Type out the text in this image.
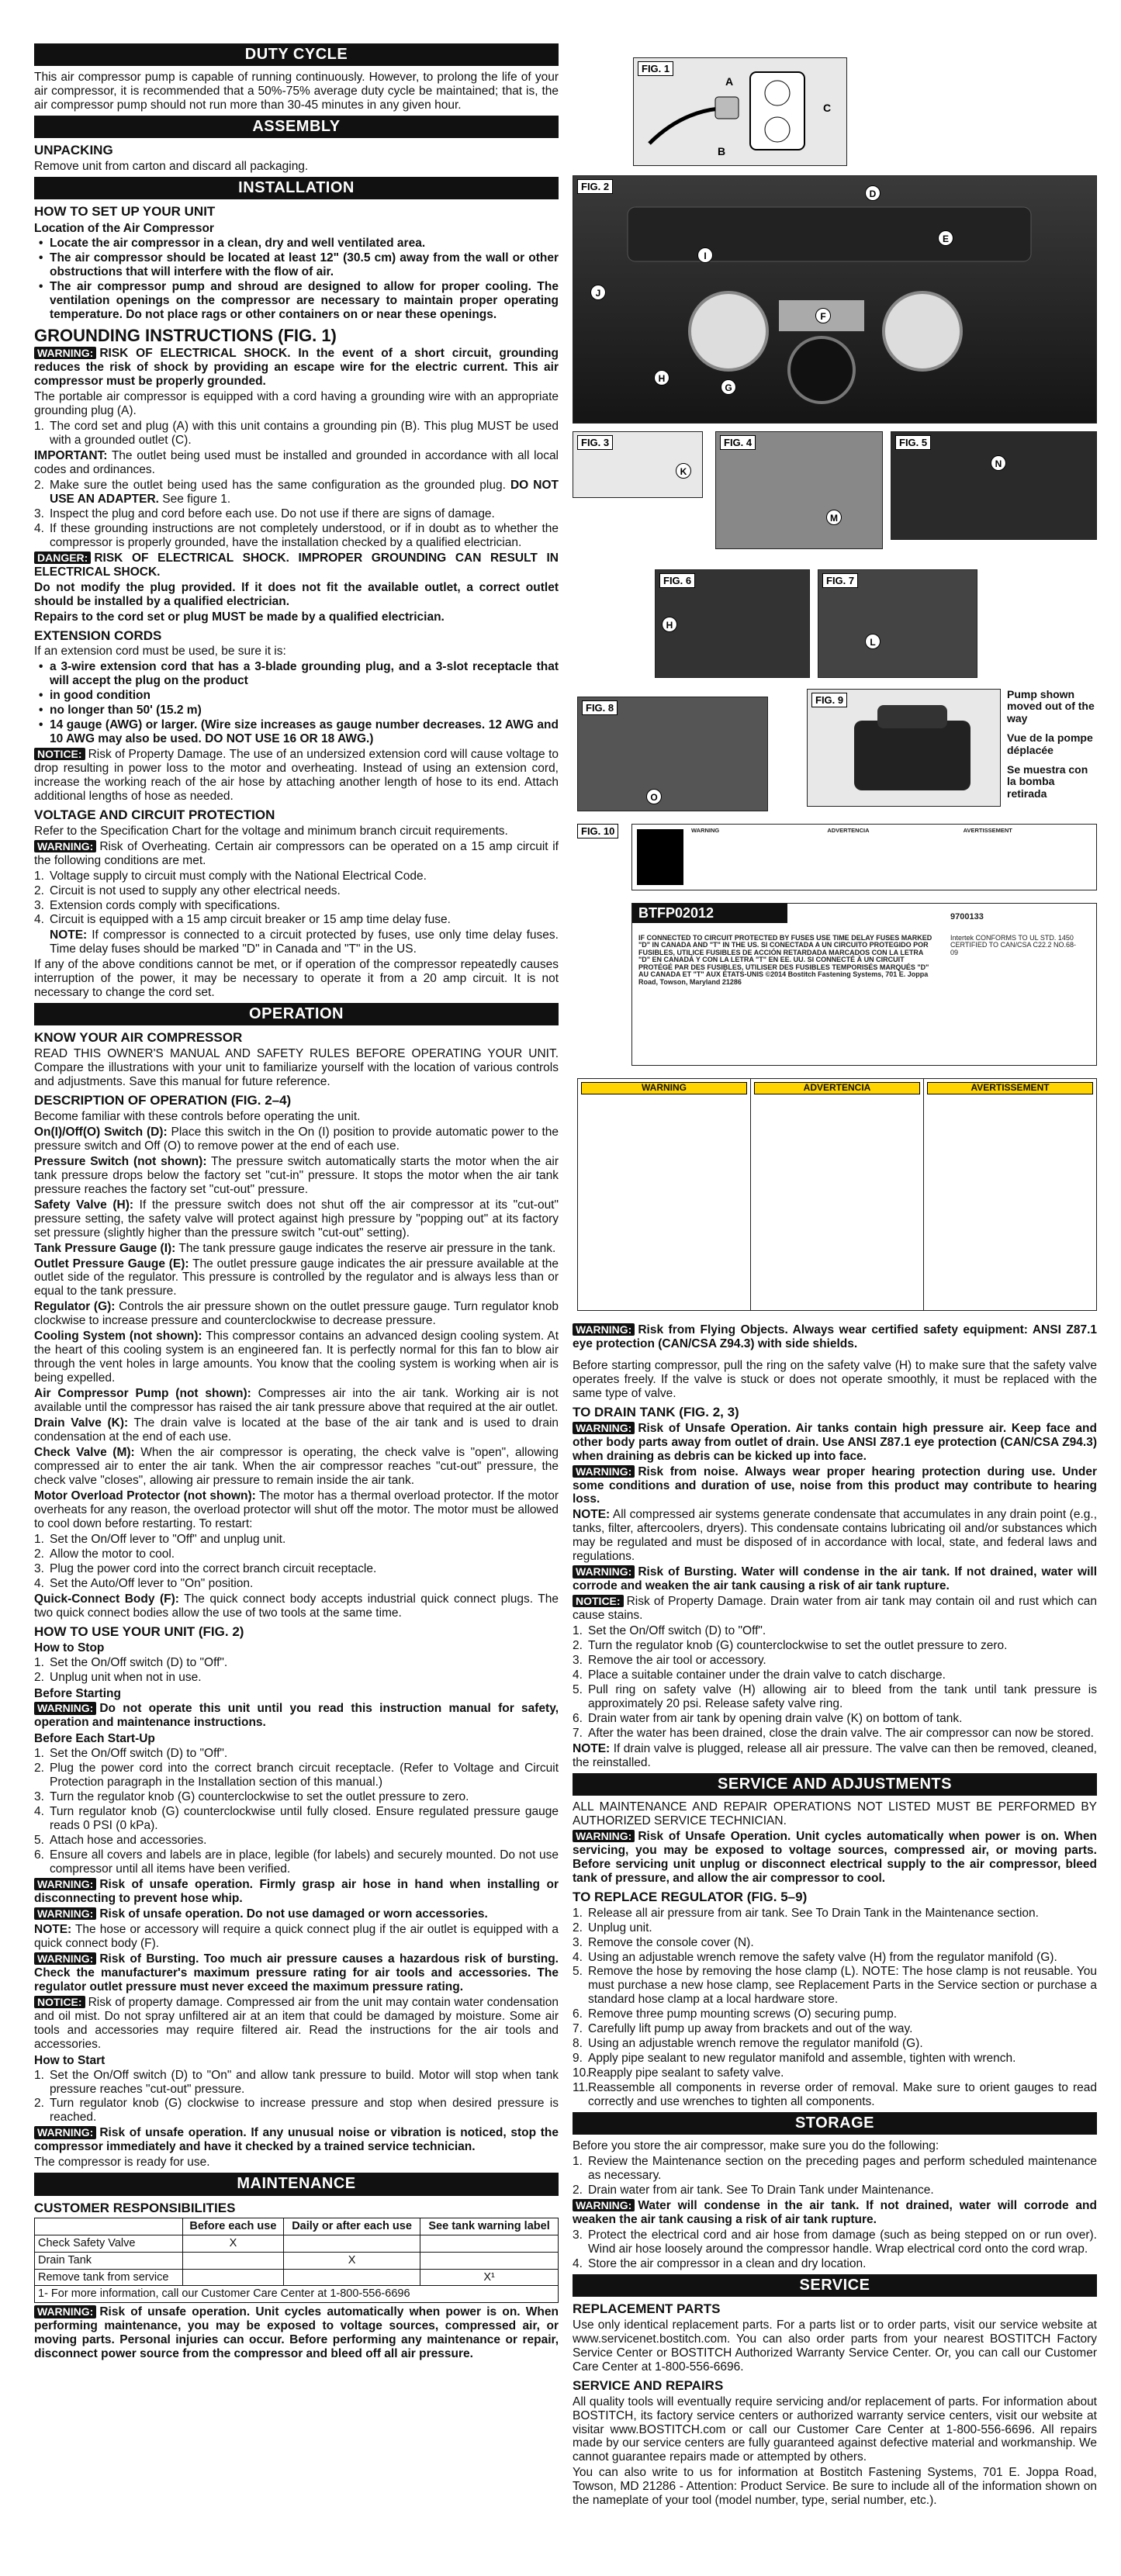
DUTY CYCLE

This air compressor pump is capable of running continuously. However, to prolong the life of your air compressor, it is recommended that a 50%-75% average duty cycle be maintained; that is, the air compressor pump should not run more than 30-45 minutes in any given hour.

ASSEMBLY
UNPACKING

Remove unit from carton and discard all packaging.

INSTALLATION
HOW TO SET UP YOUR UNIT
Location of the Air Compressor
• Locate the air compressor in a clean, dry and well ventilated area.
• The air compressor should be located at least 12" (30.5 cm) away from the wall or other obstructions that will interfere with the flow of air.
• The air compressor pump and shroud are designed to allow for proper cooling. The ventilation openings on the compressor are necessary to maintain proper operating temperature. Do not place rags or other containers on or near these openings.
GROUNDING INSTRUCTIONS (FIG. 1)

WARNING: RISK OF ELECTRICAL SHOCK. In the event of a short circuit, grounding reduces the risk of shock by providing an escape wire for the electric current. This air compressor must be properly grounded.

The portable air compressor is equipped with a cord having a grounding wire with an appropriate grounding plug (A).

1. The cord set and plug (A) with this unit contains a grounding pin (B). This plug MUST be used with a grounded outlet (C).

IMPORTANT: The outlet being used must be installed and grounded in accordance with all local codes and ordinances.

2. Make sure the outlet being used has the same configuration as the grounded plug. DO NOT USE AN ADAPTER. See figure 1.
3. Inspect the plug and cord before each use. Do not use if there are signs of damage.
4. If these grounding instructions are not completely understood, or if in doubt as to whether the compressor is properly grounded, have the installation checked by a qualified electrician.

DANGER: RISK OF ELECTRICAL SHOCK. IMPROPER GROUNDING CAN RESULT IN ELECTRICAL SHOCK.

Do not modify the plug provided. If it does not fit the available outlet, a correct outlet should be installed by a qualified electrician.

Repairs to the cord set or plug MUST be made by a qualified electrician.

EXTENSION CORDS

If an extension cord must be used, be sure it is:

• a 3-wire extension cord that has a 3-blade grounding plug, and a 3-slot receptacle that will accept the plug on the product
• in good condition
• no longer than 50' (15.2 m)
• 14 gauge (AWG) or larger. (Wire size increases as gauge number decreases. 12 AWG and 10 AWG may also be used. DO NOT USE 16 OR 18 AWG.)

NOTICE: Risk of Property Damage. The use of an undersized extension cord will cause voltage to drop resulting in power loss to the motor and overheating. Instead of using an extension cord, increase the working reach of the air hose by attaching another length of hose to its end. Attach additional lengths of hose as needed.

VOLTAGE AND CIRCUIT PROTECTION

Refer to the Specification Chart for the voltage and minimum branch circuit requirements.

WARNING: Risk of Overheating. Certain air compressors can be operated on a 15 amp circuit if the following conditions are met.

1. Voltage supply to circuit must comply with the National Electrical Code.
2. Circuit is not used to supply any other electrical needs.
3. Extension cords comply with specifications.
4. Circuit is equipped with a 15 amp circuit breaker or 15 amp time delay fuse.

NOTE: If compressor is connected to a circuit protected by fuses, use only time delay fuses. Time delay fuses should be marked "D" in Canada and "T" in the US.

If any of the above conditions cannot be met, or if operation of the compressor repeatedly causes interruption of the power, it may be necessary to operate it from a 20 amp circuit. It is not necessary to change the cord set.

OPERATION
KNOW YOUR AIR COMPRESSOR

READ THIS OWNER'S MANUAL AND SAFETY RULES BEFORE OPERATING YOUR UNIT. Compare the illustrations with your unit to familiarize yourself with the location of various controls and adjustments. Save this manual for future reference.

DESCRIPTION OF OPERATION (FIG. 2–4)

Become familiar with these controls before operating the unit.

On(I)/Off(O) Switch (D): Place this switch in the On (I) position to provide automatic power to the pressure switch and Off (O) to remove power at the end of each use.

Pressure Switch (not shown): The pressure switch automatically starts the motor when the air tank pressure drops below the factory set "cut-in" pressure. It stops the motor when the air tank pressure reaches the factory set "cut-out" pressure.

Safety Valve (H): If the pressure switch does not shut off the air compressor at its "cut-out" pressure setting, the safety valve will protect against high pressure by "popping out" at its factory set pressure (slightly higher than the pressure switch "cut-out" setting).

Tank Pressure Gauge (I): The tank pressure gauge indicates the reserve air pressure in the tank.

Outlet Pressure Gauge (E): The outlet pressure gauge indicates the air pressure available at the outlet side of the regulator. This pressure is controlled by the regulator and is always less than or equal to the tank pressure.

Regulator (G): Controls the air pressure shown on the outlet pressure gauge. Turn regulator knob clockwise to increase pressure and counterclockwise to decrease pressure.

Cooling System (not shown): This compressor contains an advanced design cooling system. At the heart of this cooling system is an engineered fan. It is perfectly normal for this fan to blow air through the vent holes in large amounts. You know that the cooling system is working when air is being expelled.

Air Compressor Pump (not shown): Compresses air into the air tank. Working air is not available until the compressor has raised the air tank pressure above that required at the air outlet.

Drain Valve (K): The drain valve is located at the base of the air tank and is used to drain condensation at the end of each use.

Check Valve (M): When the air compressor is operating, the check valve is "open", allowing compressed air to enter the air tank. When the air compressor reaches "cut-out" pressure, the check valve "closes", allowing air pressure to remain inside the air tank.

Motor Overload Protector (not shown): The motor has a thermal overload protector. If the motor overheats for any reason, the overload protector will shut off the motor. The motor must be allowed to cool down before restarting. To restart:

1. Set the On/Off lever to "Off" and unplug unit.
2. Allow the motor to cool.
3. Plug the power cord into the correct branch circuit receptacle.
4. Set the Auto/Off lever to "On" position.

Quick-Connect Body (F): The quick connect body accepts industrial quick connect plugs. The two quick connect bodies allow the use of two tools at the same time.

HOW TO USE YOUR UNIT (FIG. 2)
How to Stop
1. Set the On/Off switch (D) to "Off".
2. Unplug unit when not in use.
Before Starting

WARNING: Do not operate this unit until you read this instruction manual for safety, operation and maintenance instructions.

Before Each Start-Up
1. Set the On/Off switch (D) to "Off".
2. Plug the power cord into the correct branch circuit receptacle. (Refer to Voltage and Circuit Protection paragraph in the Installation section of this manual.)
3. Turn the regulator knob (G) counterclockwise to set the outlet pressure to zero.
4. Turn regulator knob (G) counterclockwise until fully closed. Ensure regulated pressure gauge reads 0 PSI (0 kPa).
5. Attach hose and accessories.
6. Ensure all covers and labels are in place, legible (for labels) and securely mounted. Do not use compressor until all items have been verified.

WARNING: Risk of unsafe operation. Firmly grasp air hose in hand when installing or disconnecting to prevent hose whip.

WARNING: Risk of unsafe operation. Do not use damaged or worn accessories.

NOTE: The hose or accessory will require a quick connect plug if the air outlet is equipped with a quick connect body (F).

WARNING: Risk of Bursting. Too much air pressure causes a hazardous risk of bursting. Check the manufacturer's maximum pressure rating for air tools and accessories. The regulator outlet pressure must never exceed the maximum pressure rating.

NOTICE: Risk of property damage. Compressed air from the unit may contain water condensation and oil mist. Do not spray unfiltered air at an item that could be damaged by moisture. Some air tools and accessories may require filtered air. Read the instructions for the air tools and accessories.

How to Start
1. Set the On/Off switch (D) to "On" and allow tank pressure to build. Motor will stop when tank pressure reaches "cut-out" pressure.
2. Turn regulator knob (G) clockwise to increase pressure and stop when desired pressure is reached.

WARNING: Risk of unsafe operation. If any unusual noise or vibration is noticed, stop the compressor immediately and have it checked by a trained service technician.

The compressor is ready for use.

MAINTENANCE
CUSTOMER RESPONSIBILITIES
	Before each use	Daily or after each use	See tank warning label
Check Safety Valve	X		
Drain Tank		X	
Remove tank from service			X¹
1- For more information, call our Customer Care Center at 1-800-556-6696			

WARNING: Risk of unsafe operation. Unit cycles automatically when power is on. When performing maintenance, you may be exposed to voltage sources, compressed air, or moving parts. Personal injuries can occur. Before performing any maintenance or repair, disconnect power source from the compressor and bleed off all air pressure.

FIG. 1
A
B
C
FIG. 2
D
E
I
J
F
H
G
FIG. 3
K
FIG. 4
M
FIG. 5
N
FIG. 6
H
FIG. 7
L
FIG. 8
O
FIG. 9	Pump shown moved out of the way
Vue de la pompe déplacée
Se muestra con la bomba retirada
FIG. 10	WARNING	ADVERTENCIA	AVERTISSEMENT
BTFP02012
IF CONNECTED TO CIRCUIT PROTECTED BY FUSES USE TIME DELAY FUSES MARKED "D" IN CANADA AND "T" IN THE US. SI CONECTADA A UN CIRCUITO PROTEGIDO POR FUSIBLES, UTILICE FUSIBLES DE ACCIÓN RETARDADA MARCADOS CON LA LETRA "D" EN CANADÁ Y CON LA LETRA "T" EN EE. UU. SI CONNECTÉ À UN CIRCUIT PROTÉGÉ PAR DES FUSIBLES, UTILISER DES FUSIBLES TEMPORISÉS MARQUÉS "D" AU CANADA ET "T" AUX ÉTATS-UNIS ©2014 Bostitch Fastening Systems, 701 E. Joppa Road, Towson, Maryland 21286
9700133
Intertek CONFORMS TO UL STD. 1450 CERTIFIED TO CAN/CSA C22.2 NO.68-09
WARNING	ADVERTENCIA	AVERTISSEMENT

WARNING: Risk from Flying Objects. Always wear certified safety equipment: ANSI Z87.1 eye protection (CAN/CSA Z94.3) with side shields.

Before starting compressor, pull the ring on the safety valve (H) to make sure that the safety valve operates freely. If the valve is stuck or does not operate smoothly, it must be replaced with the same type of valve.

TO DRAIN TANK (FIG. 2, 3)

WARNING: Risk of Unsafe Operation. Air tanks contain high pressure air. Keep face and other body parts away from outlet of drain. Use ANSI Z87.1 eye protection (CAN/CSA Z94.3) when draining as debris can be kicked up into face.

WARNING: Risk from noise. Always wear proper hearing protection during use. Under some conditions and duration of use, noise from this product may contribute to hearing loss.

NOTE: All compressed air systems generate condensate that accumulates in any drain point (e.g., tanks, filter, aftercoolers, dryers). This condensate contains lubricating oil and/or substances which may be regulated and must be disposed of in accordance with local, state, and federal laws and regulations.

WARNING: Risk of Bursting. Water will condense in the air tank. If not drained, water will corrode and weaken the air tank causing a risk of air tank rupture.

NOTICE: Risk of Property Damage. Drain water from air tank may contain oil and rust which can cause stains.

1. Set the On/Off switch (D) to "Off".
2. Turn the regulator knob (G) counterclockwise to set the outlet pressure to zero.
3. Remove the air tool or accessory.
4. Place a suitable container under the drain valve to catch discharge.
5. Pull ring on safety valve (H) allowing air to bleed from the tank until tank pressure is approximately 20 psi. Release safety valve ring.
6. Drain water from air tank by opening drain valve (K) on bottom of tank.
7. After the water has been drained, close the drain valve. The air compressor can now be stored.

NOTE: If drain valve is plugged, release all air pressure. The valve can then be removed, cleaned, the reinstalled.

SERVICE AND ADJUSTMENTS

ALL MAINTENANCE AND REPAIR OPERATIONS NOT LISTED MUST BE PERFORMED BY AUTHORIZED SERVICE TECHNICIAN.

WARNING: Risk of Unsafe Operation. Unit cycles automatically when power is on. When servicing, you may be exposed to voltage sources, compressed air, or moving parts. Before servicing unit unplug or disconnect electrical supply to the air compressor, bleed tank of pressure, and allow the air compressor to cool.

TO REPLACE REGULATOR (FIG. 5–9)
1. Release all air pressure from air tank. See To Drain Tank in the Maintenance section.
2. Unplug unit.
3. Remove the console cover (N).
4. Using an adjustable wrench remove the safety valve (H) from the regulator manifold (G).
5. Remove the hose by removing the hose clamp (L). NOTE: The hose clamp is not reusable. You must purchase a new hose clamp, see Replacement Parts in the Service section or purchase a standard hose clamp at a local hardware store.
6. Remove three pump mounting screws (O) securing pump.
7. Carefully lift pump up away from brackets and out of the way.
8. Using an adjustable wrench remove the regulator manifold (G).
9. Apply pipe sealant to new regulator manifold and assemble, tighten with wrench.
10.
Reapply pipe sealant to safety valve.
11. Reassemble all components in reverse order of removal. Make sure to orient gauges to read correctly and use wrenches to tighten all components.
STORAGE

Before you store the air compressor, make sure you do the following:

1. Review the Maintenance section on the preceding pages and perform scheduled maintenance as necessary.
2. Drain water from air tank. See To Drain Tank under Maintenance.

WARNING: Water will condense in the air tank. If not drained, water will corrode and weaken the air tank causing a risk of air tank rupture.

3. Protect the electrical cord and air hose from damage (such as being stepped on or run over). Wind air hose loosely around the compressor handle. Wrap electrical cord onto the cord wrap.
4. Store the air compressor in a clean and dry location.
SERVICE
REPLACEMENT PARTS

Use only identical replacement parts. For a parts list or to order parts, visit our service website at www.servicenet.bostitch.com. You can also order parts from your nearest BOSTITCH Factory Service Center or BOSTITCH Authorized Warranty Service Center. Or, you can call our Customer Care Center at 1-800-556-6696.

SERVICE AND REPAIRS

All quality tools will eventually require servicing and/or replacement of parts. For information about BOSTITCH, its factory service centers or authorized warranty service centers, visit our website at visitar www.BOSTITCH.com or call our Customer Care Center at 1-800-556-6696. All repairs made by our service centers are fully guaranteed against defective material and workmanship. We cannot guarantee repairs made or attempted by others.

You can also write to us for information at Bostitch Fastening Systems, 701 E. Joppa Road, Towson, MD 21286 - Attention: Product Service. Be sure to include all of the information shown on the nameplate of your tool (model number, type, serial number, etc.).
